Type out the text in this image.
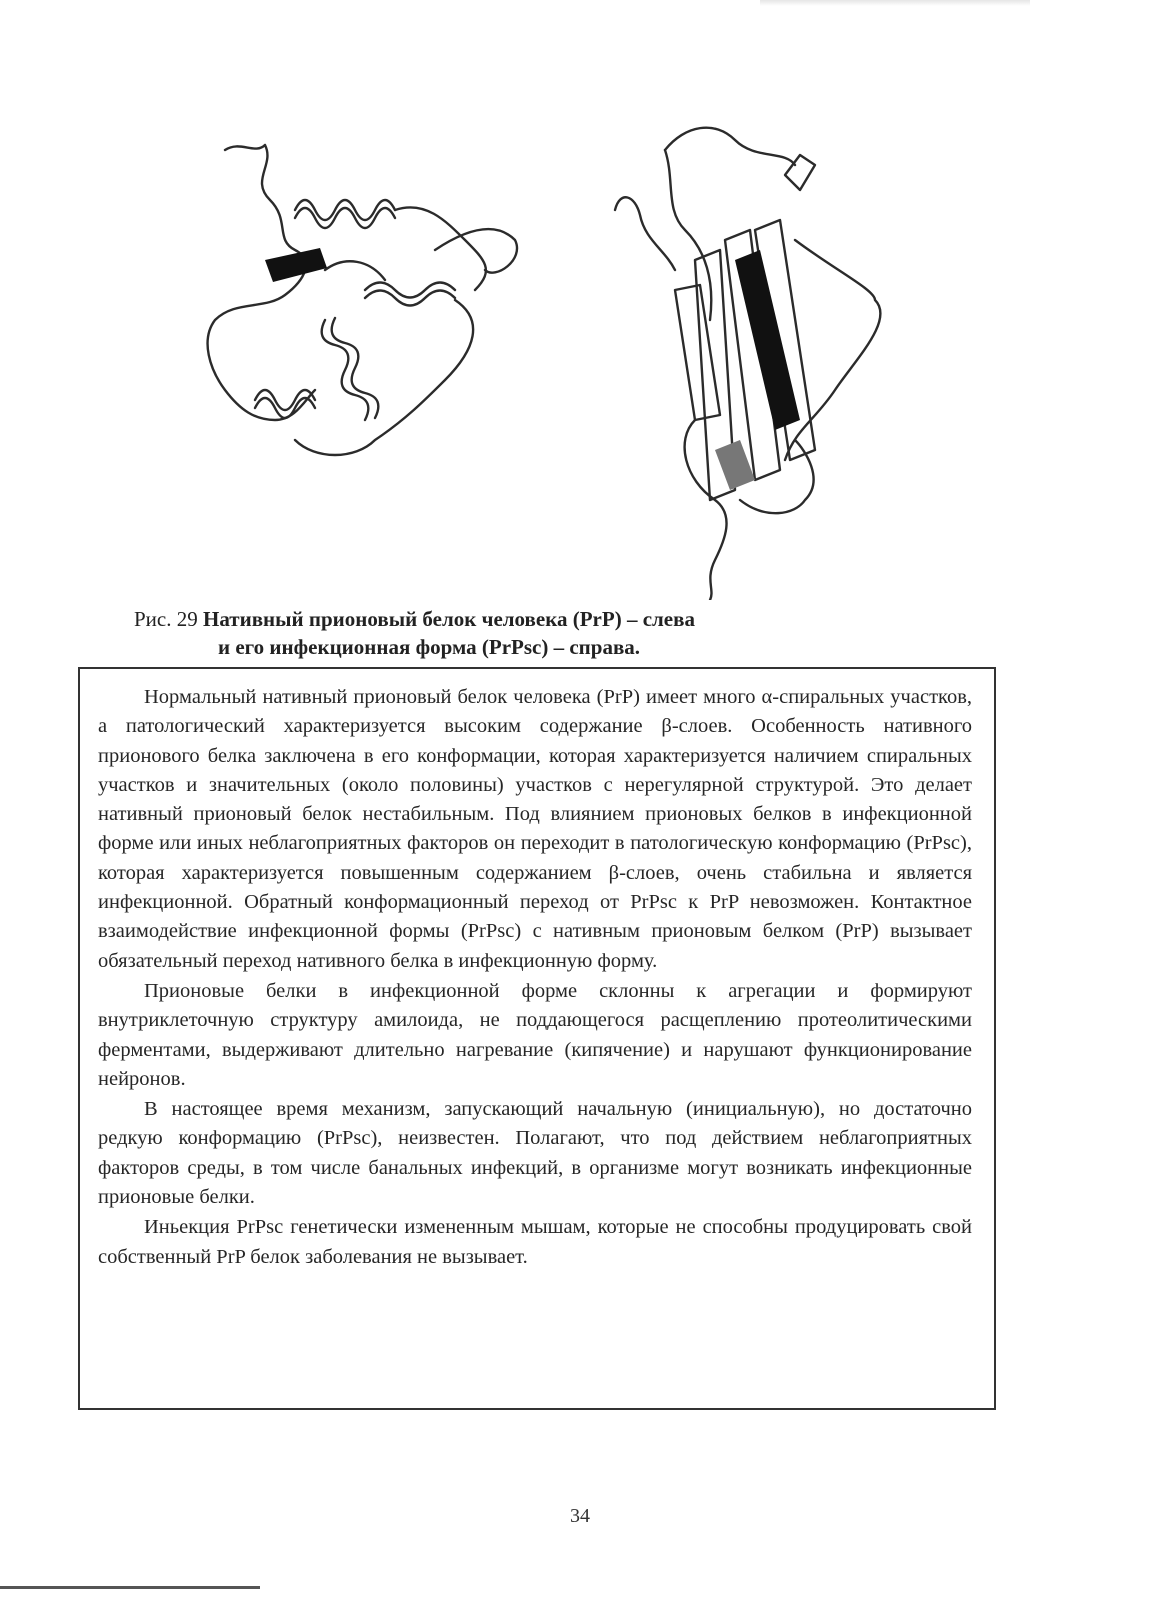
Рис. 29 Нативный прионовый белок человека (PrP) – слева
и его инфекционная форма (PrPsc) – справа.

Нормальный нативный прионовый белок человека (PrP) имеет много α-спиральных участков, а патологический характеризуется высоким содержание β-слоев. Особенность нативного прионового белка заключена в его конформации, которая характеризуется наличием спиральных участков и значительных (около половины) участков с нерегулярной структурой. Это делает нативный прионовый белок нестабильным. Под влиянием прионовых белков в инфекционной форме или иных неблагоприятных факторов он переходит в патологическую конформацию (PrPsc), которая характеризуется повышенным содержанием β-слоев, очень стабильна и является инфекционной. Обратный конформационный переход от PrPsc к PrP невозможен. Контактное взаимодействие инфекционной формы (PrPsc) с нативным прионовым белком (PrP) вызывает обязательный переход нативного белка в инфекционную форму.

Прионовые белки в инфекционной форме склонны к агрегации и формируют внутриклеточную структуру амилоида, не поддающегося расщеплению протеолитическими ферментами, выдерживают длительно нагревание (кипячение) и нарушают функционирование нейронов.

В настоящее время механизм, запускающий начальную (инициальную), но достаточно редкую конформацию (PrPsc), неизвестен. Полагают, что под действием неблагоприятных факторов среды, в том числе банальных инфекций, в организме могут возникать инфекционные прионовые белки.

Иньекция PrPsc генетически измененным мышам, которые не способны продуцировать свой собственный PrP белок заболевания не вызывает.

34
